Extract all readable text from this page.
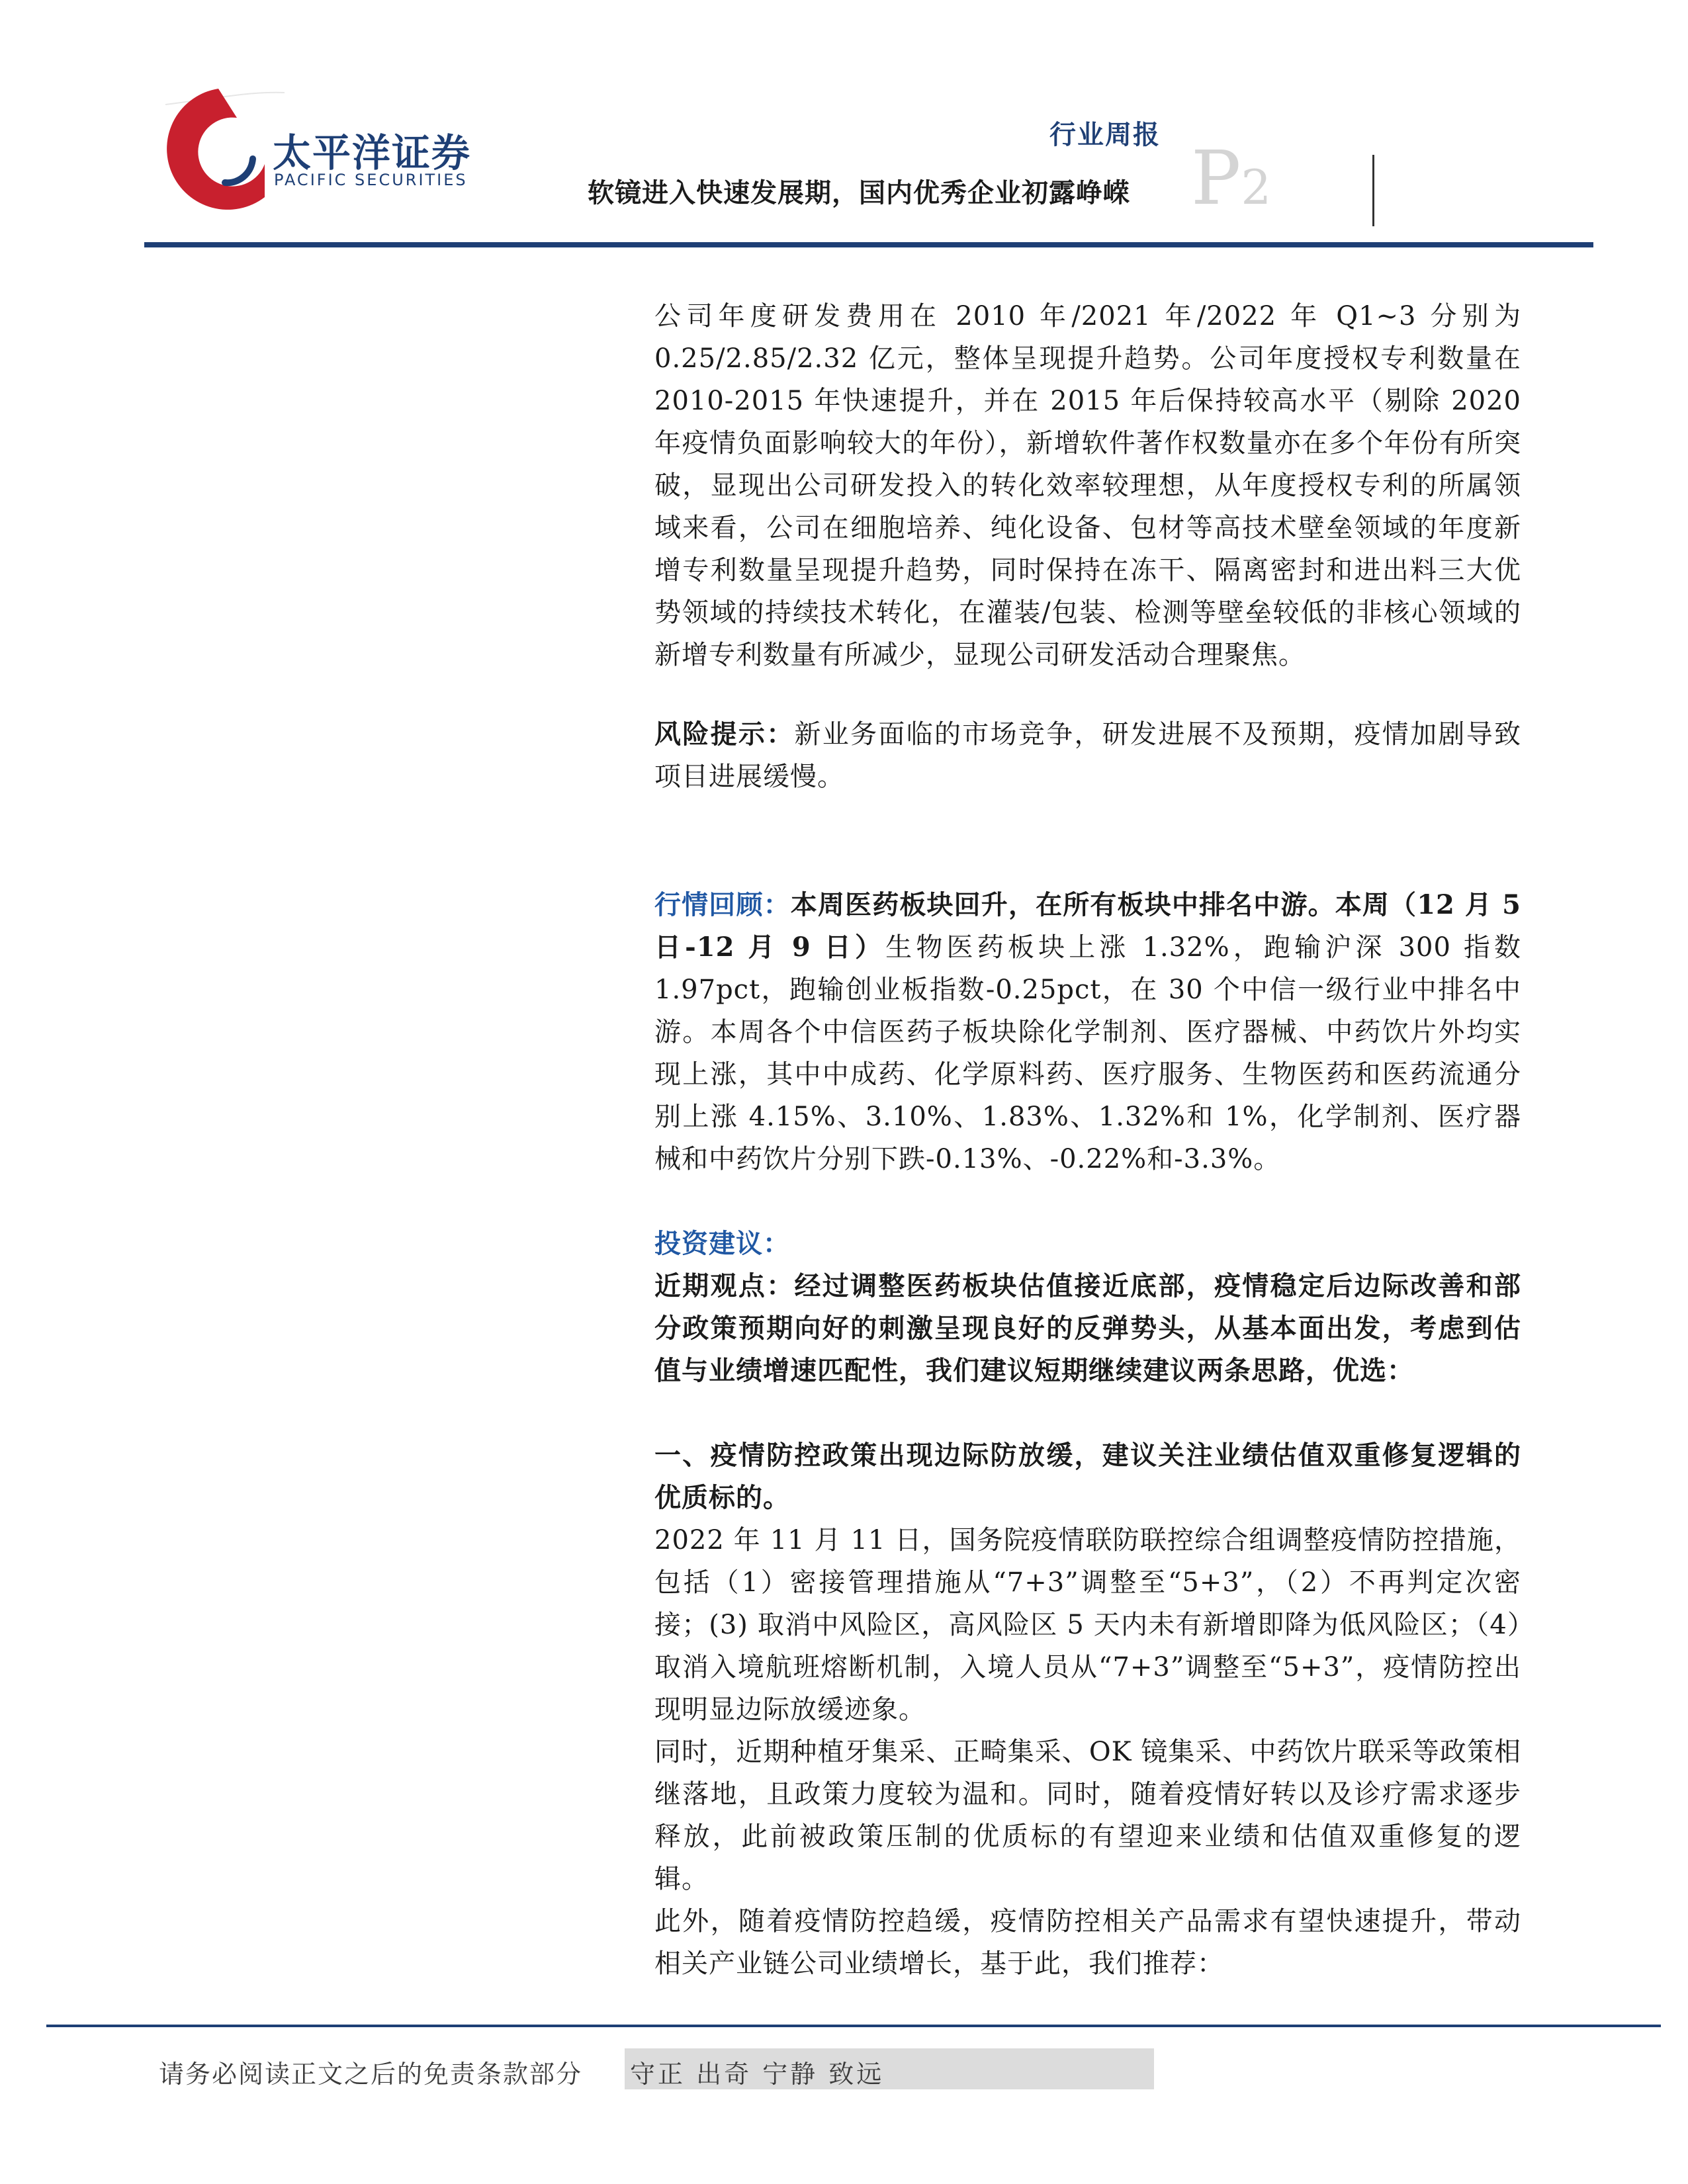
太平洋证券
PACIFIC SECURITIES
行业周报
软镜进入快速发展期，国内优秀企业初露峥嵘 P2

公司年度研发费用在 2010 年/2021 年/2022 年 Q1~3 分别为 0.25/2.85/2.32 亿元，整体呈现提升趋势。公司年度授权专利数量在 2010-2015 年快速提升，并在 2015 年后保持较高水平（剔除 2020 年疫情负面影响较大的年份），新增软件著作权数量亦在多个年份有所突破，显现出公司研发投入的转化效率较理想，从年度授权专利的所属领域来看，公司在细胞培养、纯化设备、包材等高技术壁垒领域的年度新增专利数量呈现提升趋势，同时保持在冻干、隔离密封和进出料三大优势领域的持续技术转化，在灌装/包装、检测等壁垒较低的非核心领域的新增专利数量有所减少，显现公司研发活动合理聚焦。

风险提示：新业务面临的市场竞争，研发进展不及预期，疫情加剧导致项目进展缓慢。

行情回顾：本周医药板块回升，在所有板块中排名中游。本周（12 月 5 日-12 月 9 日）生物医药板块上涨 1.32%，跑输沪深 300 指数 1.97pct，跑输创业板指数-0.25pct，在 30 个中信一级行业中排名中游。本周各个中信医药子板块除化学制剂、医疗器械、中药饮片外均实现上涨，其中中成药、化学原料药、医疗服务、生物医药和医药流通分别上涨 4.15%、3.10%、1.83%、1.32%和 1%，化学制剂、医疗器械和中药饮片分别下跌-0.13%、-0.22%和-3.3%。

投资建议：

近期观点：经过调整医药板块估值接近底部，疫情稳定后边际改善和部分政策预期向好的刺激呈现良好的反弹势头，从基本面出发，考虑到估值与业绩增速匹配性，我们建议短期继续建议两条思路，优选：

一、疫情防控政策出现边际防放缓，建议关注业绩估值双重修复逻辑的优质标的。

2022 年 11 月 11 日，国务院疫情联防联控综合组调整疫情防控措施，包括（1）密接管理措施从“7+3”调整至“5+3”，（2）不再判定次密接；(3) 取消中风险区，高风险区 5 天内未有新增即降为低风险区；（4）取消入境航班熔断机制，入境人员从“7+3”调整至“5+3”，疫情防控出现明显边际放缓迹象。

同时，近期种植牙集采、正畸集采、OK 镜集采、中药饮片联采等政策相继落地，且政策力度较为温和。同时，随着疫情好转以及诊疗需求逐步释放，此前被政策压制的优质标的有望迎来业绩和估值双重修复的逻辑。

此外，随着疫情防控趋缓，疫情防控相关产品需求有望快速提升，带动相关产业链公司业绩增长，基于此，我们推荐：

请务必阅读正文之后的免责条款部分 守正 出奇 宁静 致远
